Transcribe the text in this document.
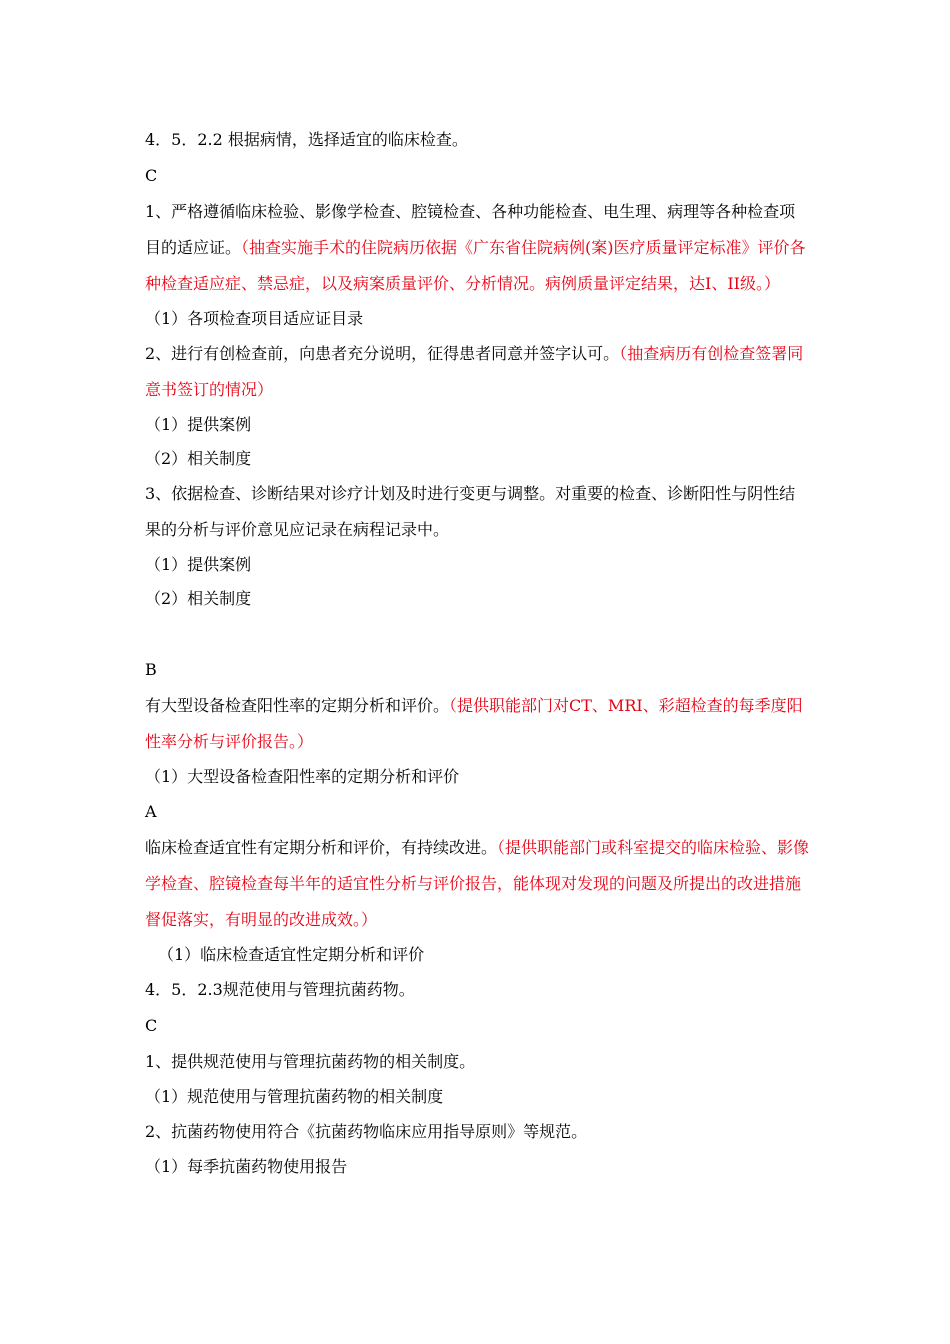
4．5．2.2 根据病情，选择适宜的临床检查。

C

1、严格遵循临床检验、影像学检查、腔镜检查、各种功能检查、电生理、病理等各种检查项目的适应证。（抽查实施手术的住院病历依据《广东省住院病例(案)医疗质量评定标准》评价各种检查适应症、禁忌症，以及病案质量评价、分析情况。病例质量评定结果，达Ⅰ、ⅠⅠ级。）

（1）各项检查项目适应证目录

2、进行有创检查前，向患者充分说明，征得患者同意并签字认可。（抽查病历有创检查签署同意书签订的情况）

（1）提供案例

（2）相关制度

3、依据检查、诊断结果对诊疗计划及时进行变更与调整。对重要的检查、诊断阳性与阴性结果的分析与评价意见应记录在病程记录中。

（1）提供案例

（2）相关制度

B

有大型设备检查阳性率的定期分析和评价。（提供职能部门对CT、MRI、彩超检查的每季度阳性率分析与评价报告。）

（1）大型设备检查阳性率的定期分析和评价

A

临床检查适宜性有定期分析和评价，有持续改进。（提供职能部门或科室提交的临床检验、影像学检查、腔镜检查每半年的适宜性分析与评价报告，能体现对发现的问题及所提出的改进措施督促落实，有明显的改进成效。）

（1）临床检查适宜性定期分析和评价

4．5．2.3规范使用与管理抗菌药物。

C

1、提供规范使用与管理抗菌药物的相关制度。

（1）规范使用与管理抗菌药物的相关制度

2、抗菌药物使用符合《抗菌药物临床应用指导原则》等规范。

（1）每季抗菌药物使用报告
